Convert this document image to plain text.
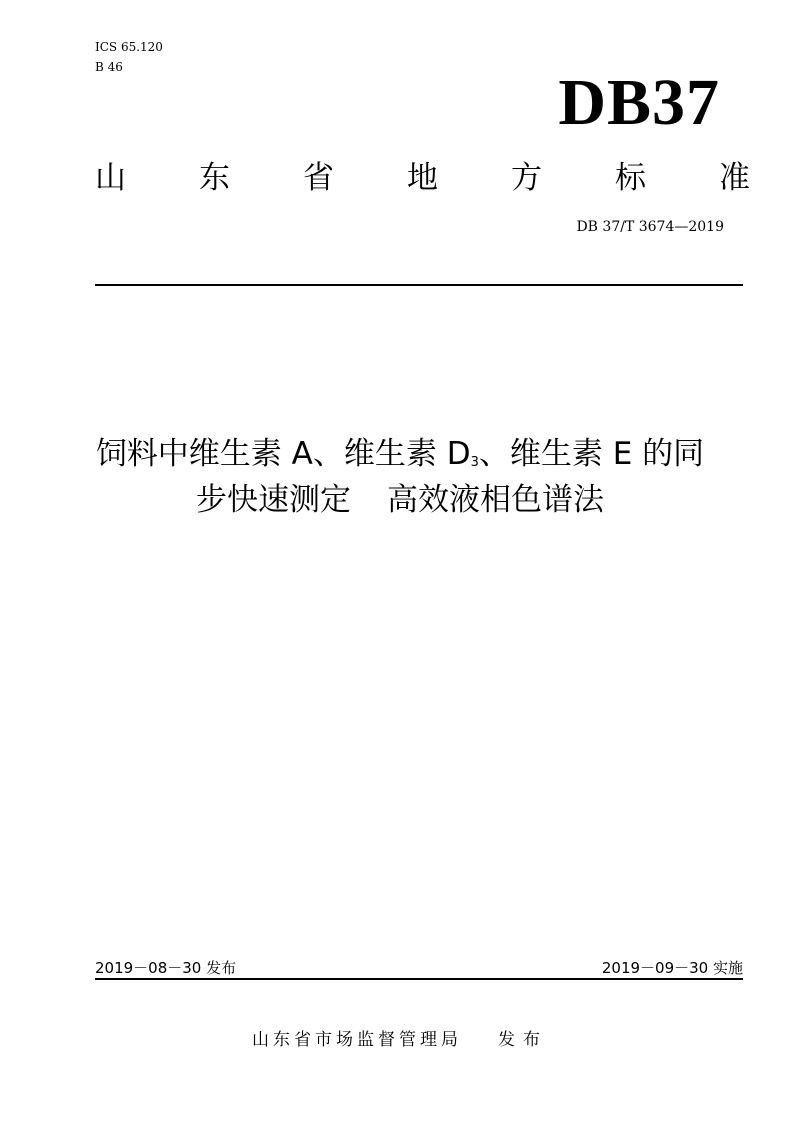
ICS 65.120
B 46	DB37
山 东 省 地 方 标 准
DB 37/T 3674—2019
饲料中维生素 A、维生素 $D_3$、维生素 E 的同
步快速测定 高效液相色谱法
2019－08－30 发布	2019－09－30 实施
山东省市场监督管理局 发布
